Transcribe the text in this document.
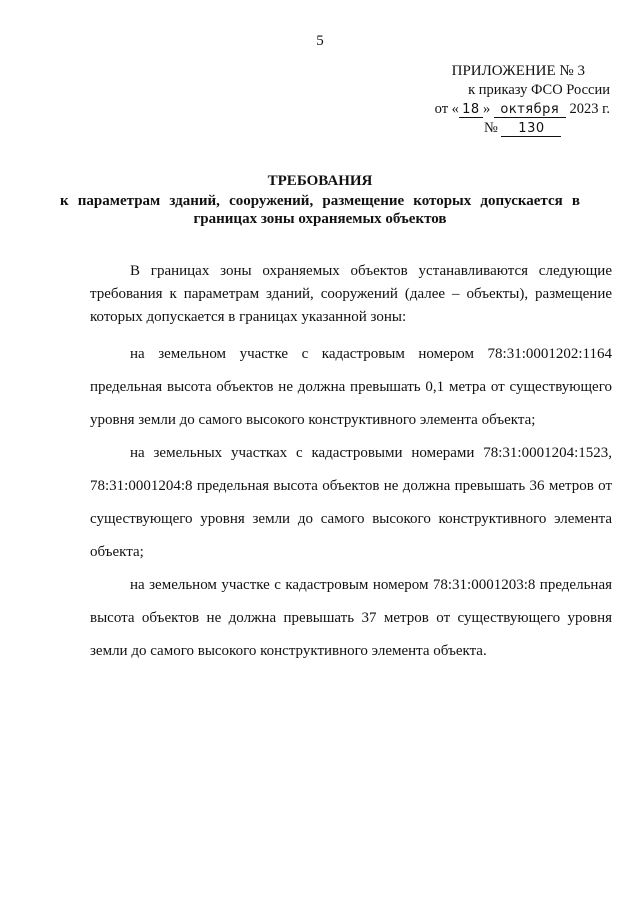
5
ПРИЛОЖЕНИЕ № 3
к приказу ФСО России
от « 18 » октября 2023 г.
№ 130
ТРЕБОВАНИЯ
к параметрам зданий, сооружений, размещение которых допускается в границах зоны охраняемых объектов

В границах зоны охраняемых объектов устанавливаются следующие требования к параметрам зданий, сооружений (далее – объекты), размещение которых допускается в границах указанной зоны:

на земельном участке с кадастровым номером 78:31:0001202:1164 предельная высота объектов не должна превышать 0,1 метра от существующего уровня земли до самого высокого конструктивного элемента объекта;

на земельных участках с кадастровыми номерами 78:31:0001204:1523, 78:31:0001204:8 предельная высота объектов не должна превышать 36 метров от существующего уровня земли до самого высокого конструктивного элемента объекта;

на земельном участке с кадастровым номером 78:31:0001203:8 предельная высота объектов не должна превышать 37 метров от существующего уровня земли до самого высокого конструктивного элемента объекта.
